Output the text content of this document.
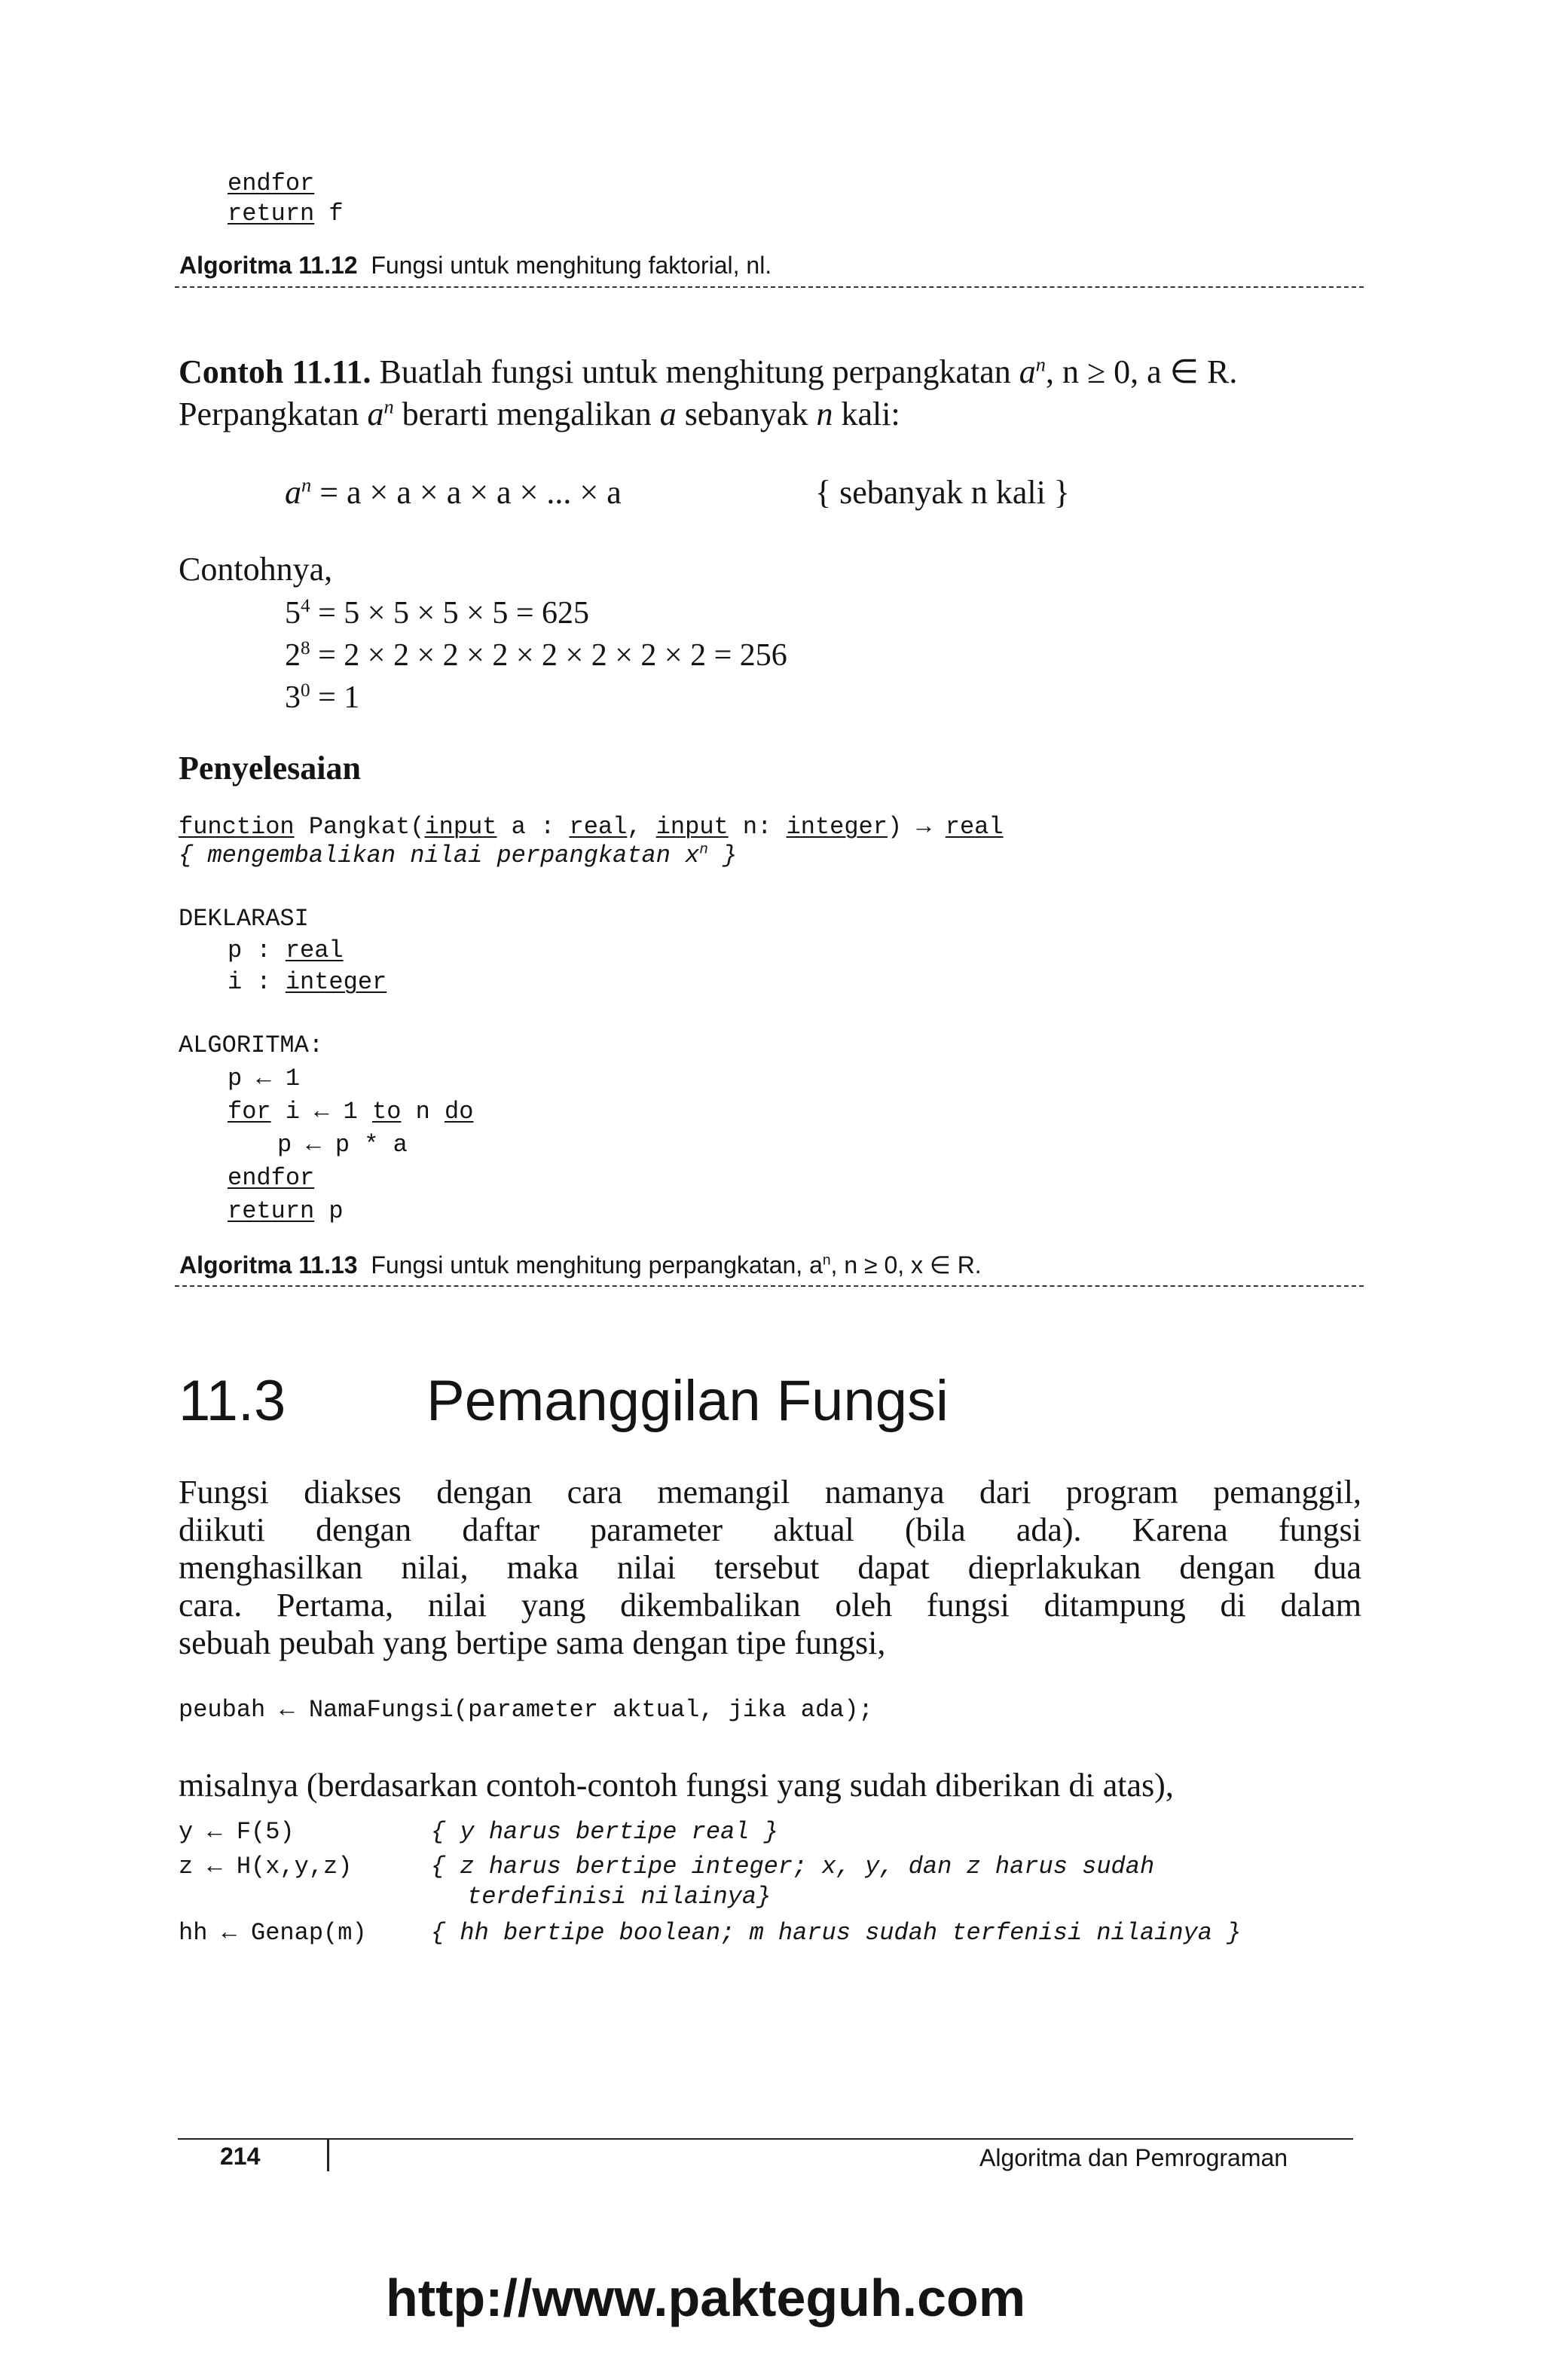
endfor
return f
Algoritma 11.12 Fungsi untuk menghitung faktorial, nl.
Contoh 11.11. Buatlah fungsi untuk menghitung perpangkatan $a^n$, n ≥ 0, a ∈ R.
Perpangkatan $a^n$ berarti mengalikan a sebanyak n kali:
$a^n = a \times a \times a \times a$ × ... × a	{ sebanyak n kali }
Contohnya,
$5^4 = 5 \times 5 \times 5 \times 5 = 625$
$2^8 = 2 \times 2 \times 2 \times 2 \times 2 \times 2 \times 2 \times 2 = 256$
$3^0 = 1$
Penyelesaian
function Pangkat(input a : real, input n: integer) → real
{ mengembalikan nilai perpangkatan $x^n$ }
DEKLARASI
p : real
i : integer
ALGORITMA:
p ← 1
for i ← 1 to n do
p ← p * a
endfor
return p
Algoritma 11.13 Fungsi untuk menghitung perpangkatan, $a^n$, n ≥ 0, x ∈ R.
11.3 Pemanggilan Fungsi
Fungsi diakses dengan cara memangil namanya dari program pemanggil,
diikuti dengan daftar parameter aktual (bila ada). Karena fungsi
menghasilkan nilai, maka nilai tersebut dapat dieprlakukan dengan dua
cara. Pertama, nilai yang dikembalikan oleh fungsi ditampung di dalam
sebuah peubah yang bertipe sama dengan tipe fungsi,
peubah ← NamaFungsi(parameter aktual, jika ada);
misalnya (berdasarkan contoh-contoh fungsi yang sudah diberikan di atas),
y ← F(5)	{ y harus bertipe real }
z ← H(x,y,z)	{ z harus bertipe integer; x, y, dan z harus sudah
terdefinisi nilainya}
hh ← Genap(m)	{ hh bertipe boolean; m harus sudah terfenisi nilainya }
214	Algoritma dan Pemrograman
http://www.pakteguh.com
